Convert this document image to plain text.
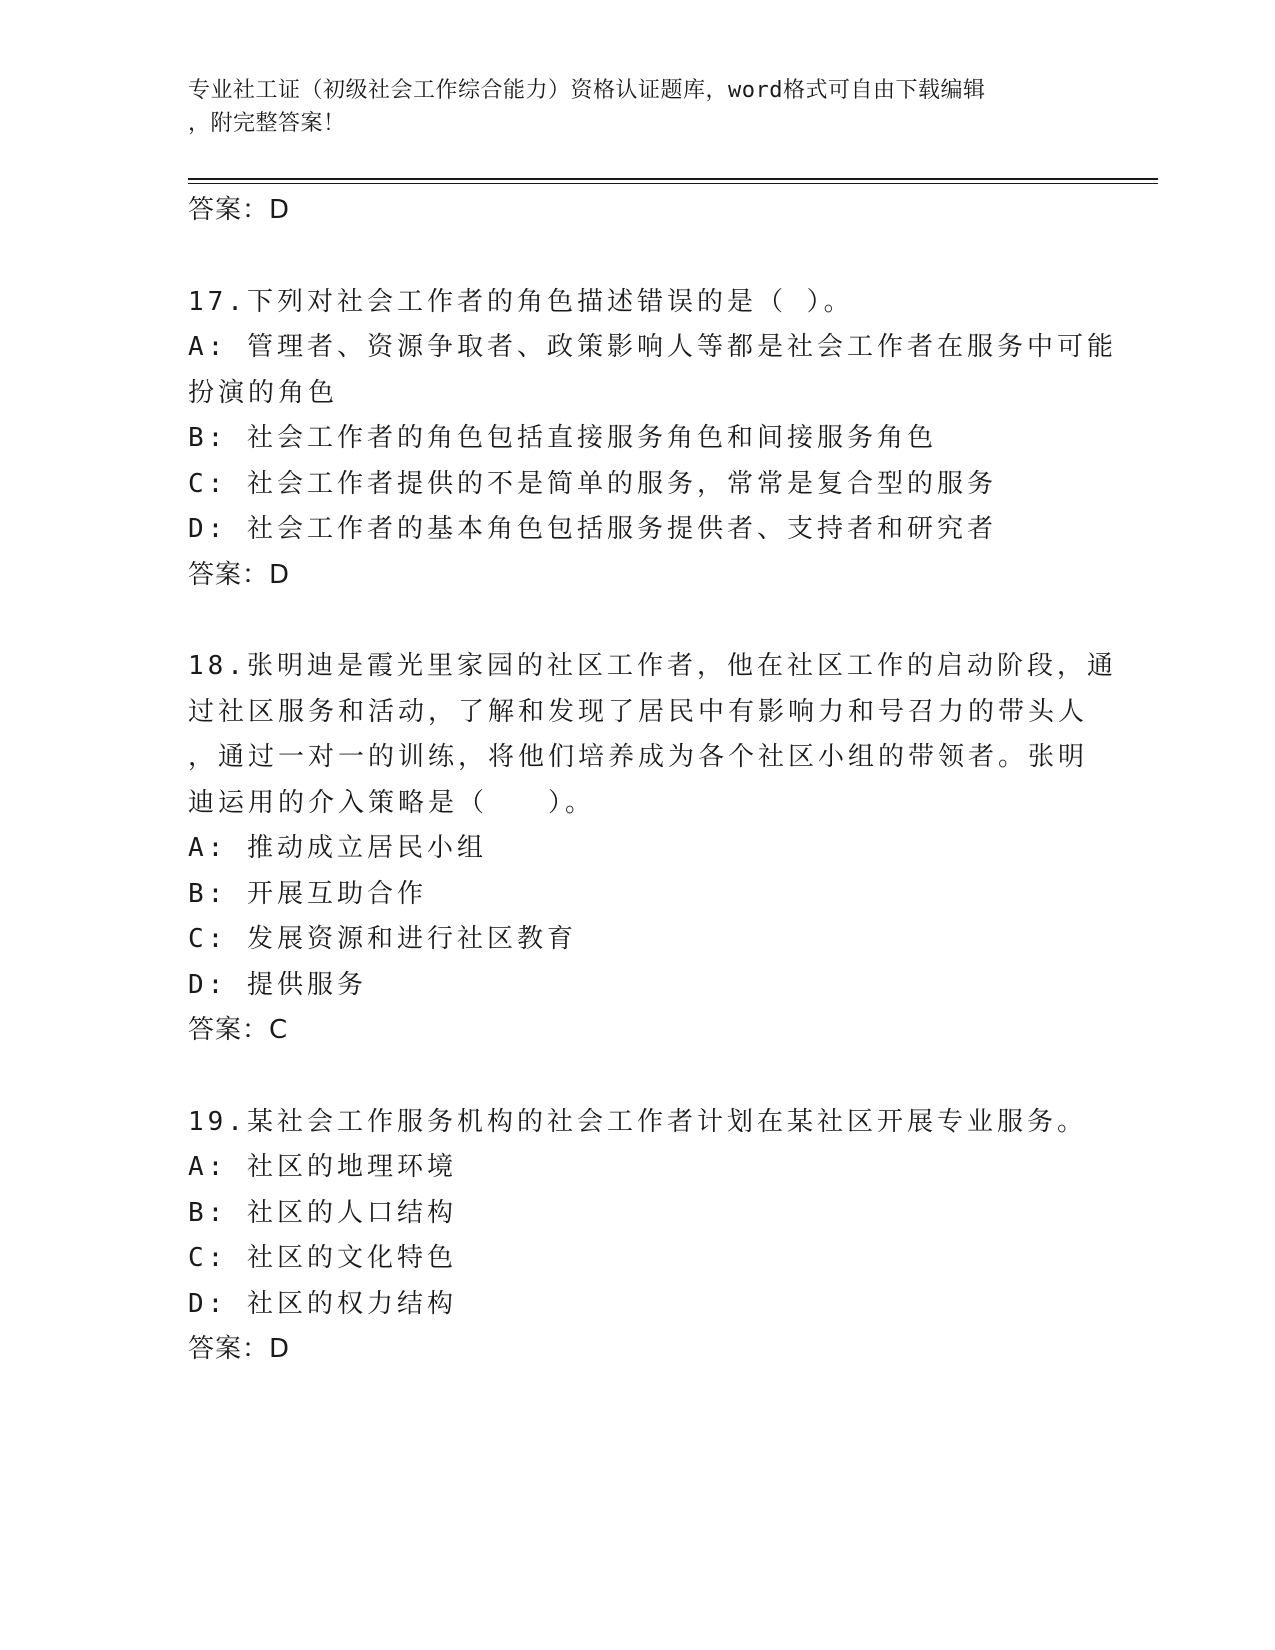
专业社工证（初级社会工作综合能力）资格认证题库，word格式可自由下载编辑
，附完整答案！
答案：D
17.下列对社会工作者的角色描述错误的是（ ）。
A: 管理者、资源争取者、政策影响人等都是社会工作者在服务中可能
扮演的角色
B: 社会工作者的角色包括直接服务角色和间接服务角色
C: 社会工作者提供的不是简单的服务，常常是复合型的服务
D: 社会工作者的基本角色包括服务提供者、支持者和研究者
答案：D
18.张明迪是霞光里家园的社区工作者，他在社区工作的启动阶段，通
过社区服务和活动，了解和发现了居民中有影响力和号召力的带头人
，通过一对一的训练，将他们培养成为各个社区小组的带领者。张明
迪运用的介入策略是（　　）。
A: 推动成立居民小组
B: 开展互助合作
C: 发展资源和进行社区教育
D: 提供服务
答案：C
19.某社会工作服务机构的社会工作者计划在某社区开展专业服务。
A: 社区的地理环境
B: 社区的人口结构
C: 社区的文化特色
D: 社区的权力结构
答案：D
